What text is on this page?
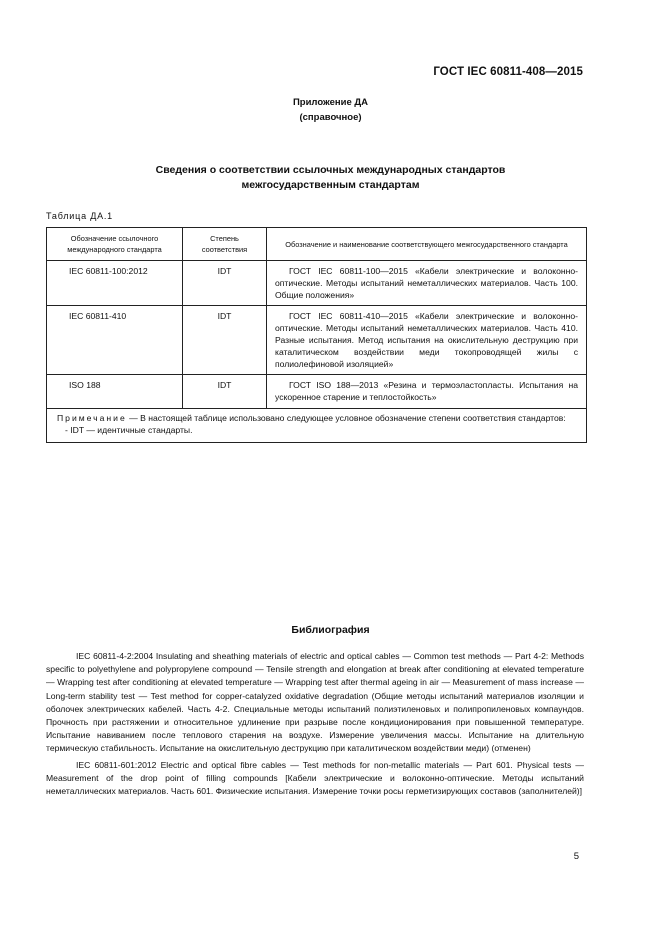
ГОСТ IEC 60811-408—2015
Приложение ДА
(справочное)
Сведения о соответствии ссылочных международных стандартов
межгосударственным стандартам
Таблица ДА.1
Обозначение ссылочного международного стандарта	Степень соответствия	Обозначение и наименование соответствующего межгосударственного стандарта
IEC 60811-100:2012	IDT	ГОСТ IEC 60811-100—2015 «Кабели электрические и волоконно-оптические. Методы испытаний неметаллических материалов. Часть 100. Общие положения»

IEC 60811-410	IDT	ГОСТ IEC 60811-410—2015 «Кабели электрические и волоконно-оптические. Методы испытаний неметаллических материалов. Часть 410. Разные испытания. Метод испытания на окислительную деструкцию при каталитическом воздействии меди токопроводящей жилы с полиолефиновой изоляцией»

ISO 188	IDT	ГОСТ ISO 188—2013 «Резина и термоэластопласты. Испытания на ускоренное старение и теплостойкость»

Примечание — В настоящей таблице использовано следующее условное обозначение степени соответствия стандартов:
- IDT — идентичные стандарты.		
Библиография

IEC 60811-4-2:2004 Insulating and sheathing materials of electric and optical cables — Common test methods — Part 4-2: Methods specific to polyethylene and polypropylene compound — Tensile strength and elongation at break after conditioning at elevated temperature — Wrapping test after conditioning at elevated temperature — Wrapping test after thermal ageing in air — Measurement of mass increase — Long-term stability test — Test method for copper-catalyzed oxidative degradation (Общие методы испытаний материалов изоляции и оболочек электрических кабелей. Часть 4-2. Специальные методы испытаний полиэтиленовых и полипропиленовых компаундов. Прочность при растяжении и относительное удлинение при разрыве после кондиционирования при повышенной температуре. Испытание навиванием после теплового старения на воздухе. Измерение увеличения массы. Испытание на длительную термическую стабильность. Испытание на окислительную деструкцию при каталитическом воздействии меди) (отменен)

IEC 60811-601:2012 Electric and optical fibre cables — Test methods for non-metallic materials — Part 601. Physical tests — Measurement of the drop point of filling compounds [Кабели электрические и волоконно-оптические. Методы испытаний неметаллических материалов. Часть 601. Физические испытания. Измерение точки росы герметизирующих составов (заполнителей)]

5
